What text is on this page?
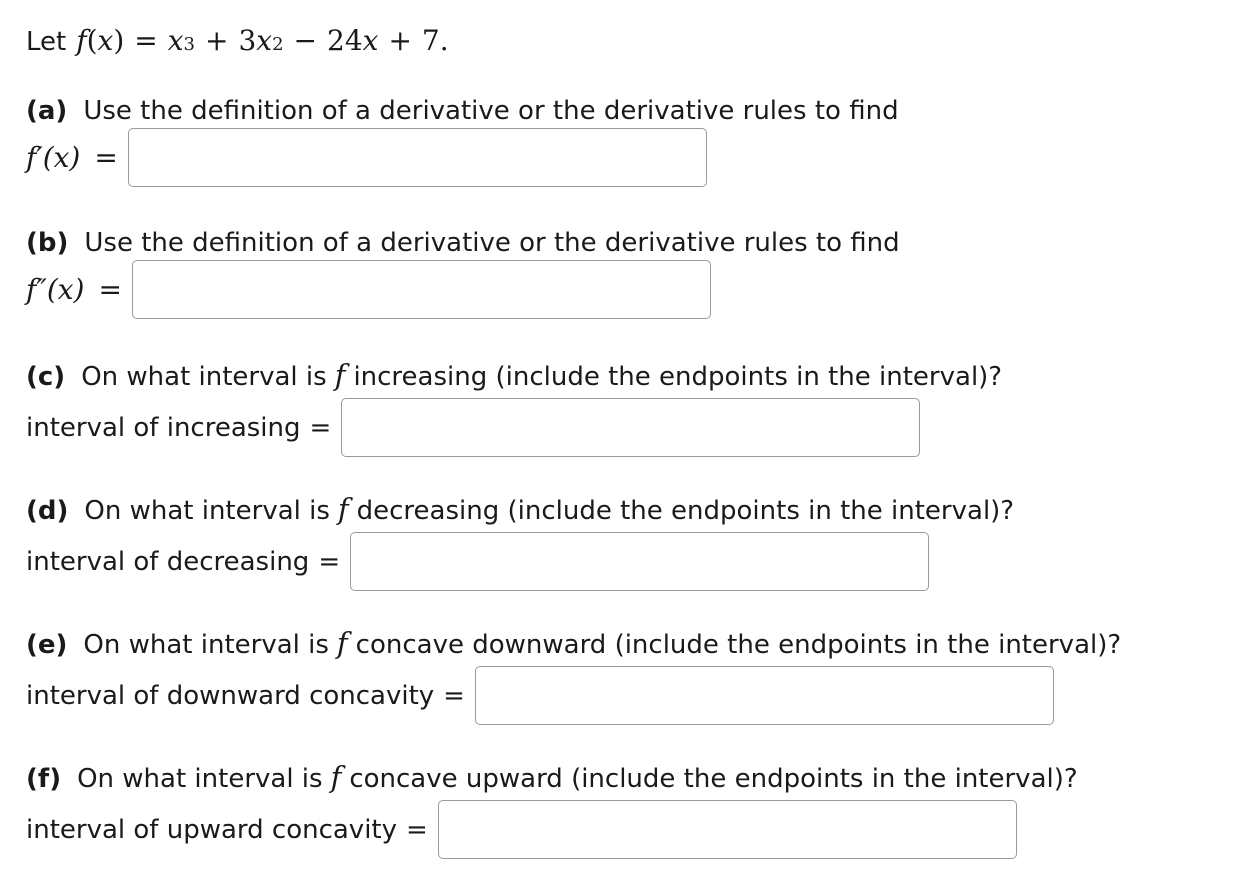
Let f ( x ) = x 3 + 3 x 2 − 24 x + 7.
(a) Use the definition of a derivative or the derivative rules to find
f′(x) =
(b) Use the definition of a derivative or the derivative rules to find
f″(x) =
(c) On what interval is f increasing (include the endpoints in the interval)?
interval of increasing =
(d) On what interval is f decreasing (include the endpoints in the interval)?
interval of decreasing =
(e) On what interval is f concave downward (include the endpoints in the interval)?
interval of downward concavity =
(f) On what interval is f concave upward (include the endpoints in the interval)?
interval of upward concavity =
